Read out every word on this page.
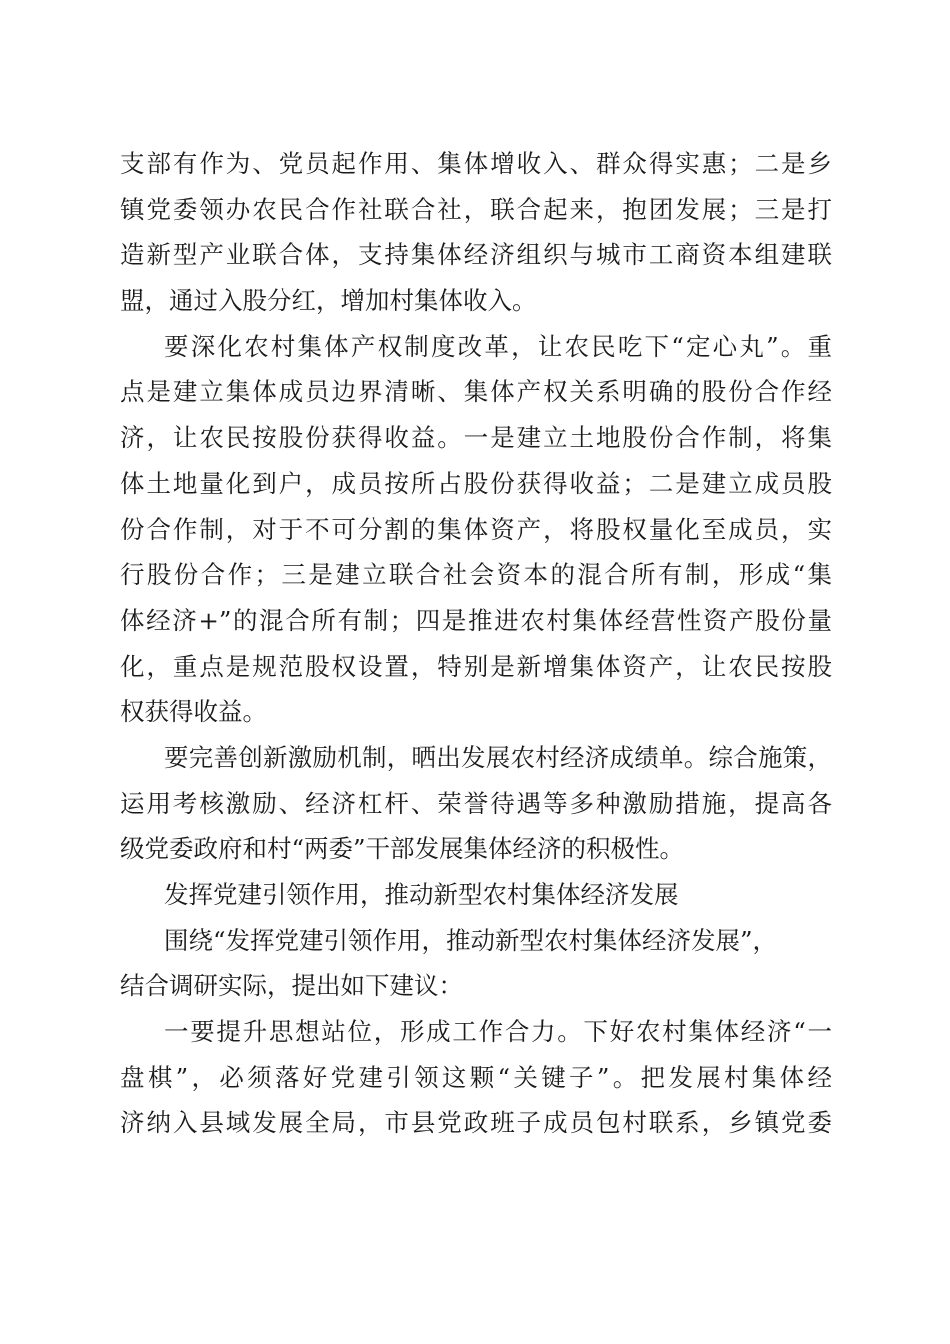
支部有作为、党员起作用、集体增收入、群众得实惠；二是乡
镇党委领办农民合作社联合社，联合起来，抱团发展；三是打
造新型产业联合体，支持集体经济组织与城市工商资本组建联
盟，通过入股分红，增加村集体收入。
要深化农村集体产权制度改革，让农民吃下“定心丸”。重
点是建立集体成员边界清晰、集体产权关系明确的股份合作经
济，让农民按股份获得收益。一是建立土地股份合作制，将集
体土地量化到户，成员按所占股份获得收益；二是建立成员股
份合作制，对于不可分割的集体资产，将股权量化至成员，实
行股份合作；三是建立联合社会资本的混合所有制，形成“集
体经济+”的混合所有制；四是推进农村集体经营性资产股份量
化，重点是规范股权设置，特别是新增集体资产，让农民按股
权获得收益。
要完善创新激励机制，晒出发展农村经济成绩单。综合施策，
运用考核激励、经济杠杆、荣誉待遇等多种激励措施，提高各
级党委政府和村“两委”干部发展集体经济的积极性。
发挥党建引领作用，推动新型农村集体经济发展
围绕“发挥党建引领作用，推动新型农村集体经济发展”，
结合调研实际，提出如下建议：
一要提升思想站位，形成工作合力。下好农村集体经济“一
盘棋”，必须落好党建引领这颗“关键子”。把发展村集体经
济纳入县域发展全局，市县党政班子成员包村联系，乡镇党委
